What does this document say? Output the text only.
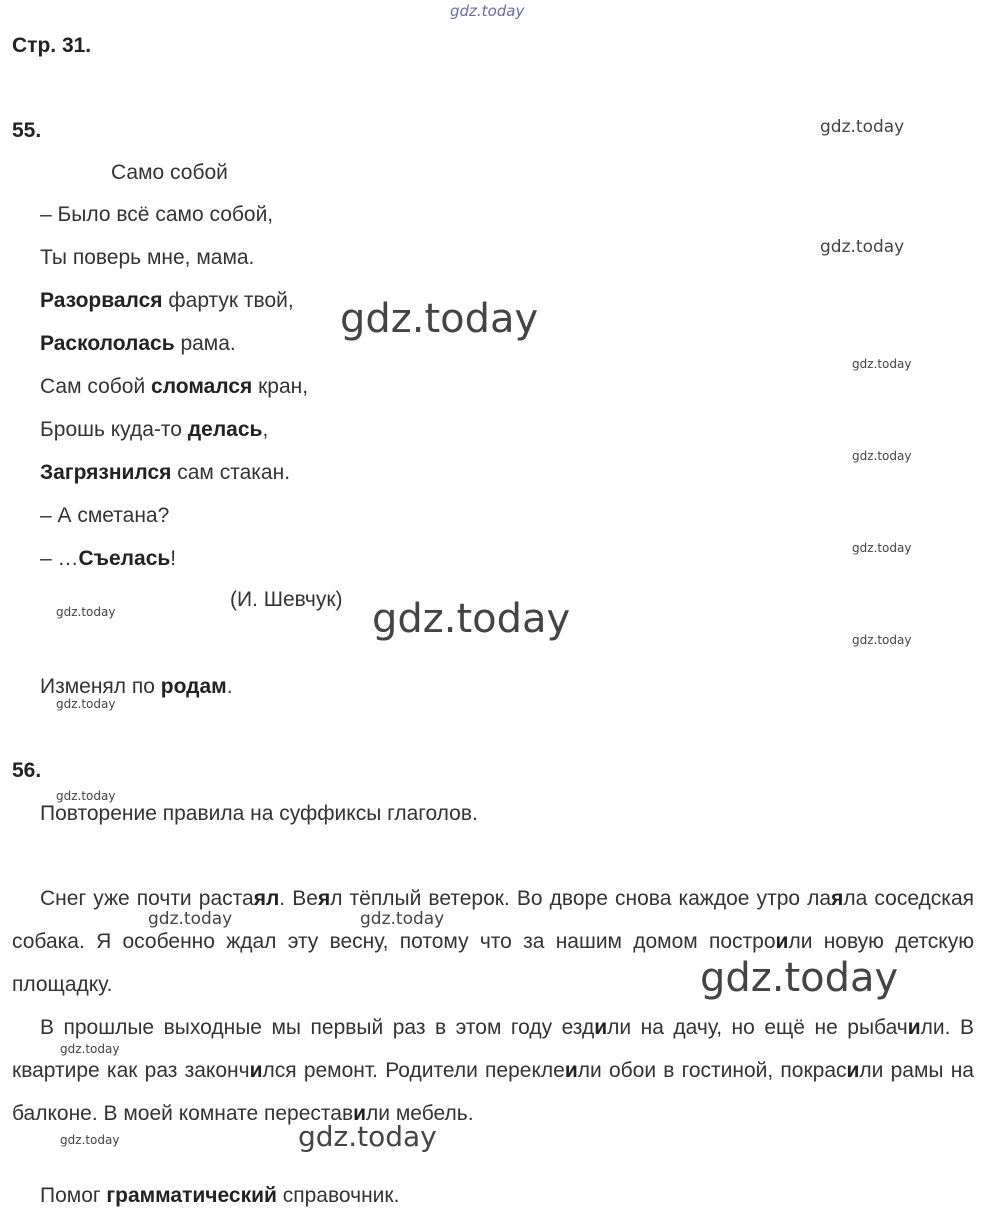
gdz.today
gdz.today
gdz.today
gdz.today
gdz.today
gdz.today
gdz.today
gdz.today	gdz.today	gdz.today
gdz.today
gdz.today
gdz.today	gdz.today
gdz.today
gdz.today
gdz.today	gdz.today
Стр. 31.
55.
Само собой
– Было всё само собой,
Ты поверь мне, мама.
Разорвался фартук твой,
Раскололась рама.
Сам собой сломался кран,
Брошь куда-то делась,
Загрязнился сам стакан.
– А сметана?
– …Съелась!
(И. Шевчук)
Изменял по родам.
56.
Повторение правила на суффиксы глаголов.
Снег уже почти растаял. Веял тёплый ветерок. Во дворе снова каждое утро лаяла соседская собака. Я особенно ждал эту весну, потому что за нашим домом построили новую детскую площадку.
В прошлые выходные мы первый раз в этом году ездили на дачу, но ещё не рыбачили. В квартире как раз закончился ремонт. Родители переклеили обои в гостиной, покрасили рамы на балконе. В моей комнате переставили мебель.
Помог грамматический справочник.
